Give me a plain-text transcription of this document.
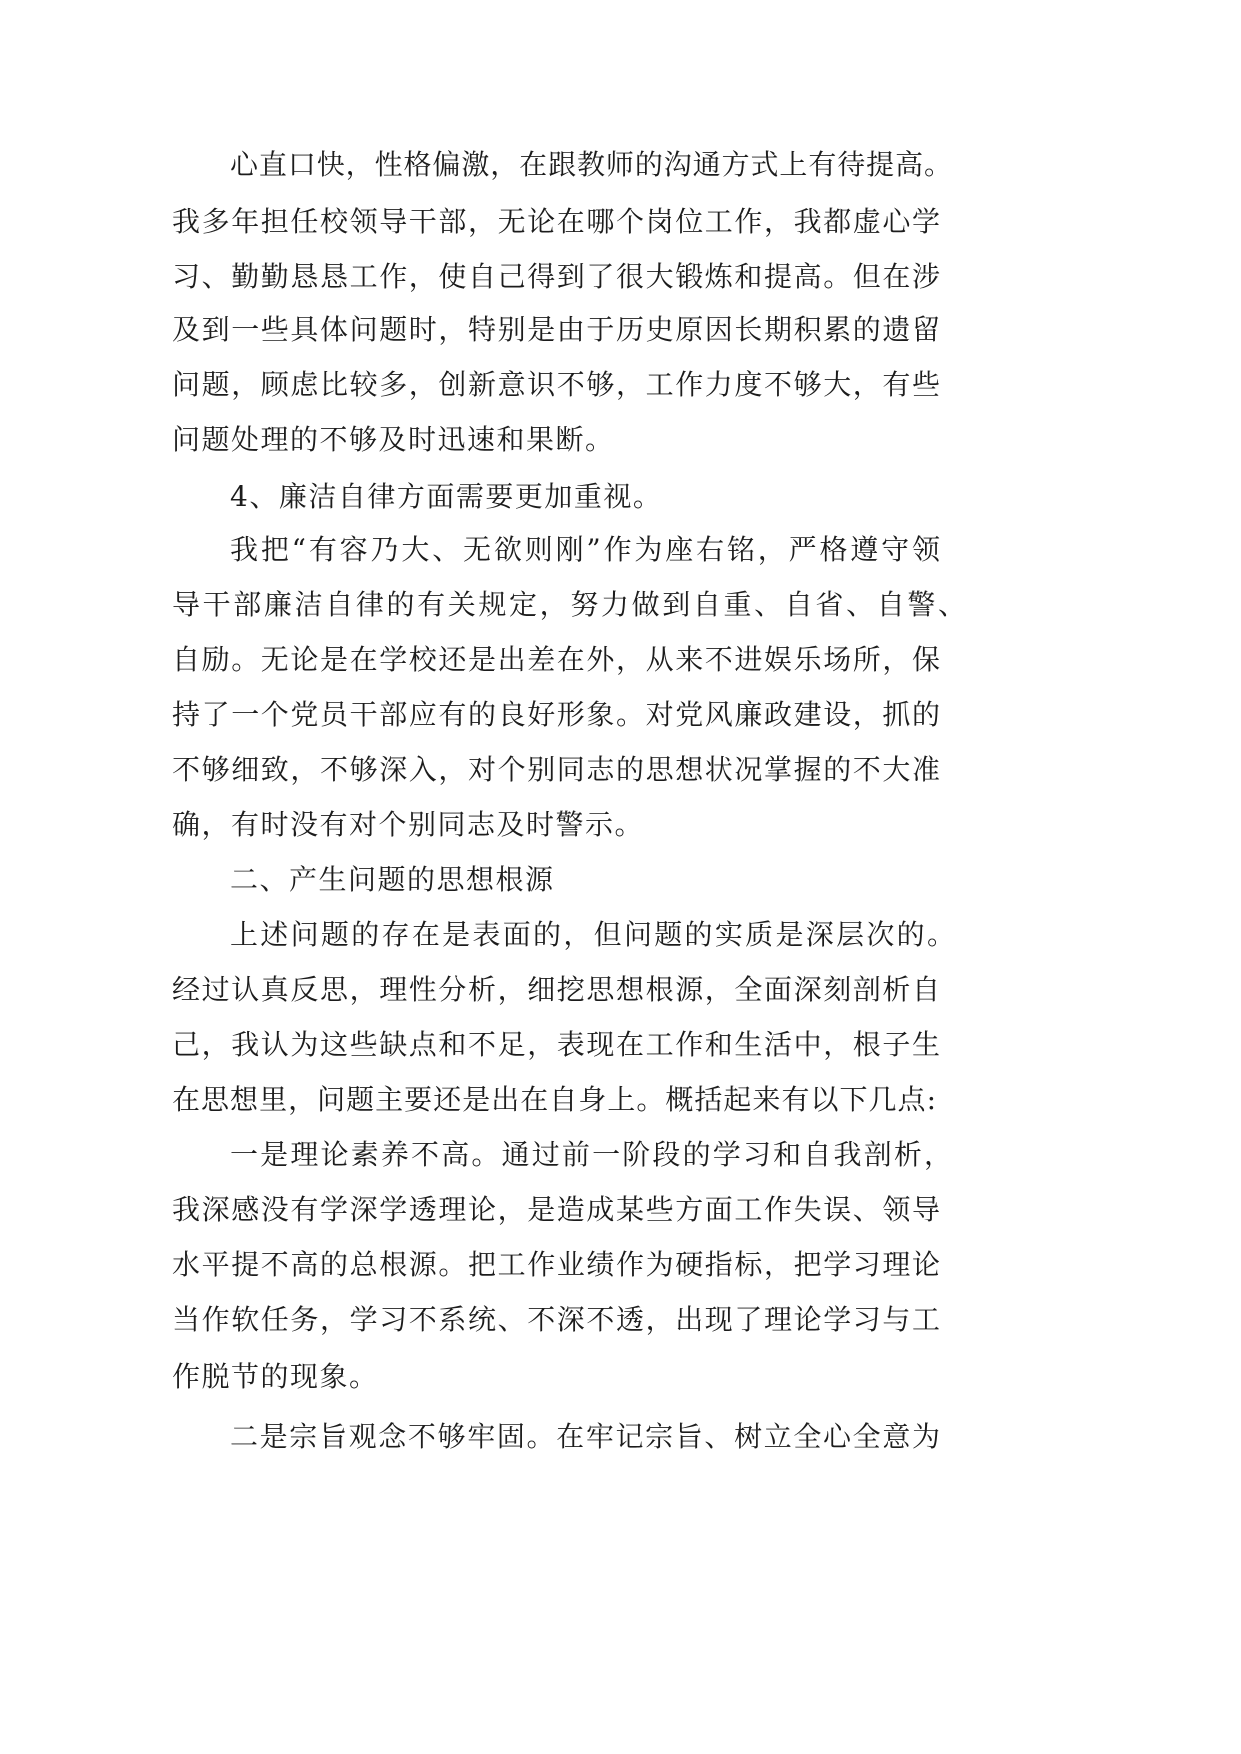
心直口快，性格偏激，在跟教师的沟通方式上有待提高。
我多年担任校领导干部，无论在哪个岗位工作，我都虚心学
习、勤勤恳恳工作，使自己得到了很大锻炼和提高。但在涉
及到一些具体问题时，特别是由于历史原因长期积累的遗留
问题，顾虑比较多，创新意识不够，工作力度不够大，有些
问题处理的不够及时迅速和果断。
4、廉洁自律方面需要更加重视。
我把“有容乃大、无欲则刚”作为座右铭，严格遵守领
导干部廉洁自律的有关规定，努力做到自重、自省、自警、
自励。无论是在学校还是出差在外，从来不进娱乐场所，保
持了一个党员干部应有的良好形象。对党风廉政建设，抓的
不够细致，不够深入，对个别同志的思想状况掌握的不大准
确，有时没有对个别同志及时警示。
二、产生问题的思想根源
上述问题的存在是表面的，但问题的实质是深层次的。
经过认真反思，理性分析，细挖思想根源，全面深刻剖析自
己，我认为这些缺点和不足，表现在工作和生活中，根子生
在思想里，问题主要还是出在自身上。概括起来有以下几点:
一是理论素养不高。通过前一阶段的学习和自我剖析，
我深感没有学深学透理论，是造成某些方面工作失误、领导
水平提不高的总根源。把工作业绩作为硬指标，把学习理论
当作软任务，学习不系统、不深不透，出现了理论学习与工
作脱节的现象。
二是宗旨观念不够牢固。在牢记宗旨、树立全心全意为
